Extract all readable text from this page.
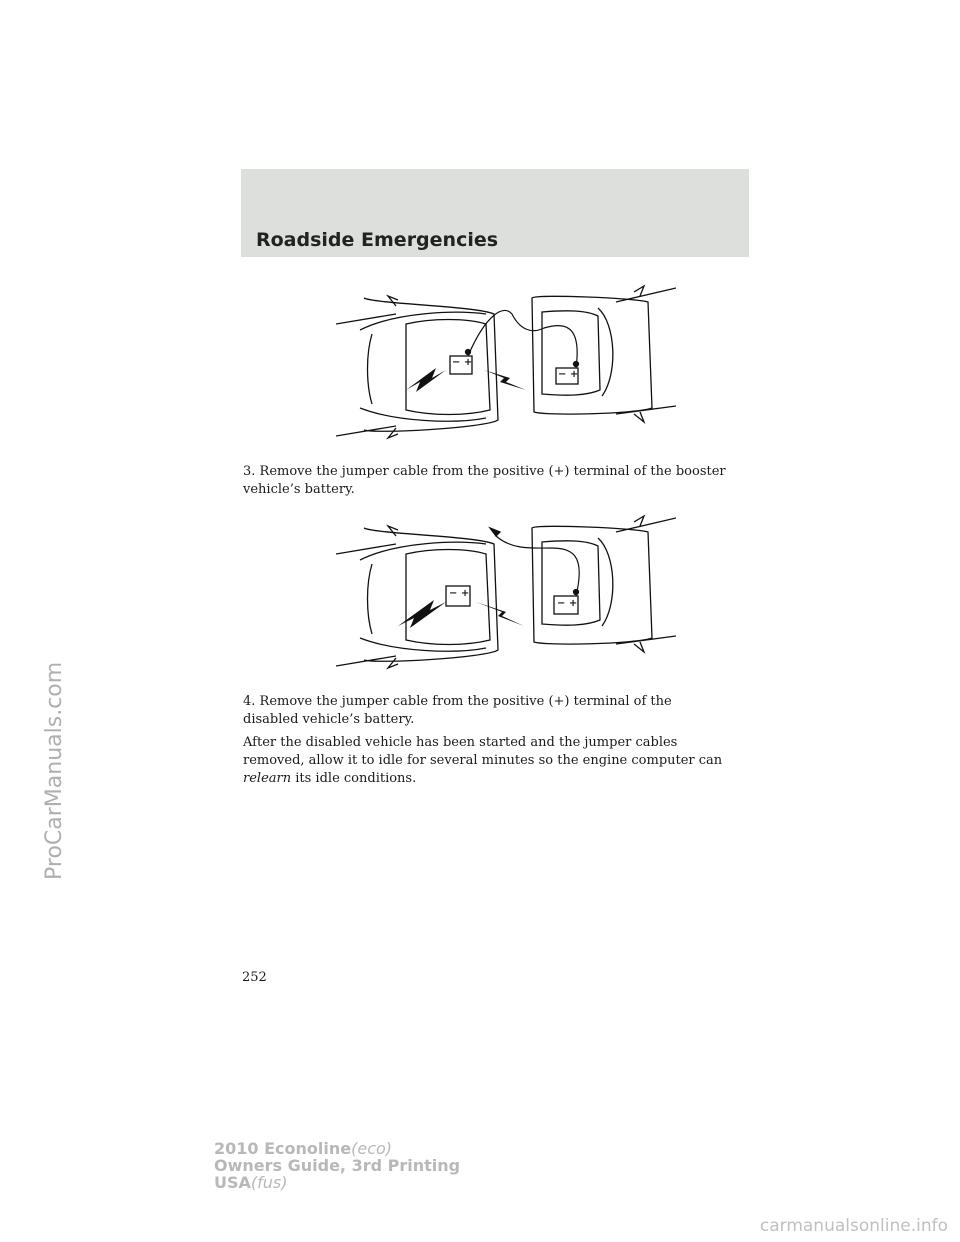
ProCarManuals.com
Roadside Emergencies
− +
− +
3. Remove the jumper cable from the positive (+) terminal of the booster
vehicle’s battery.
− +
− +
4. Remove the jumper cable from the positive (+) terminal of the
disabled vehicle’s battery.
After the disabled vehicle has been started and the jumper cables
removed, allow it to idle for several minutes so the engine computer can
relearn its idle conditions.
252
2010 Econoline(eco)
Owners Guide, 3rd Printing
USA(fus)
carmanualsonline.info
